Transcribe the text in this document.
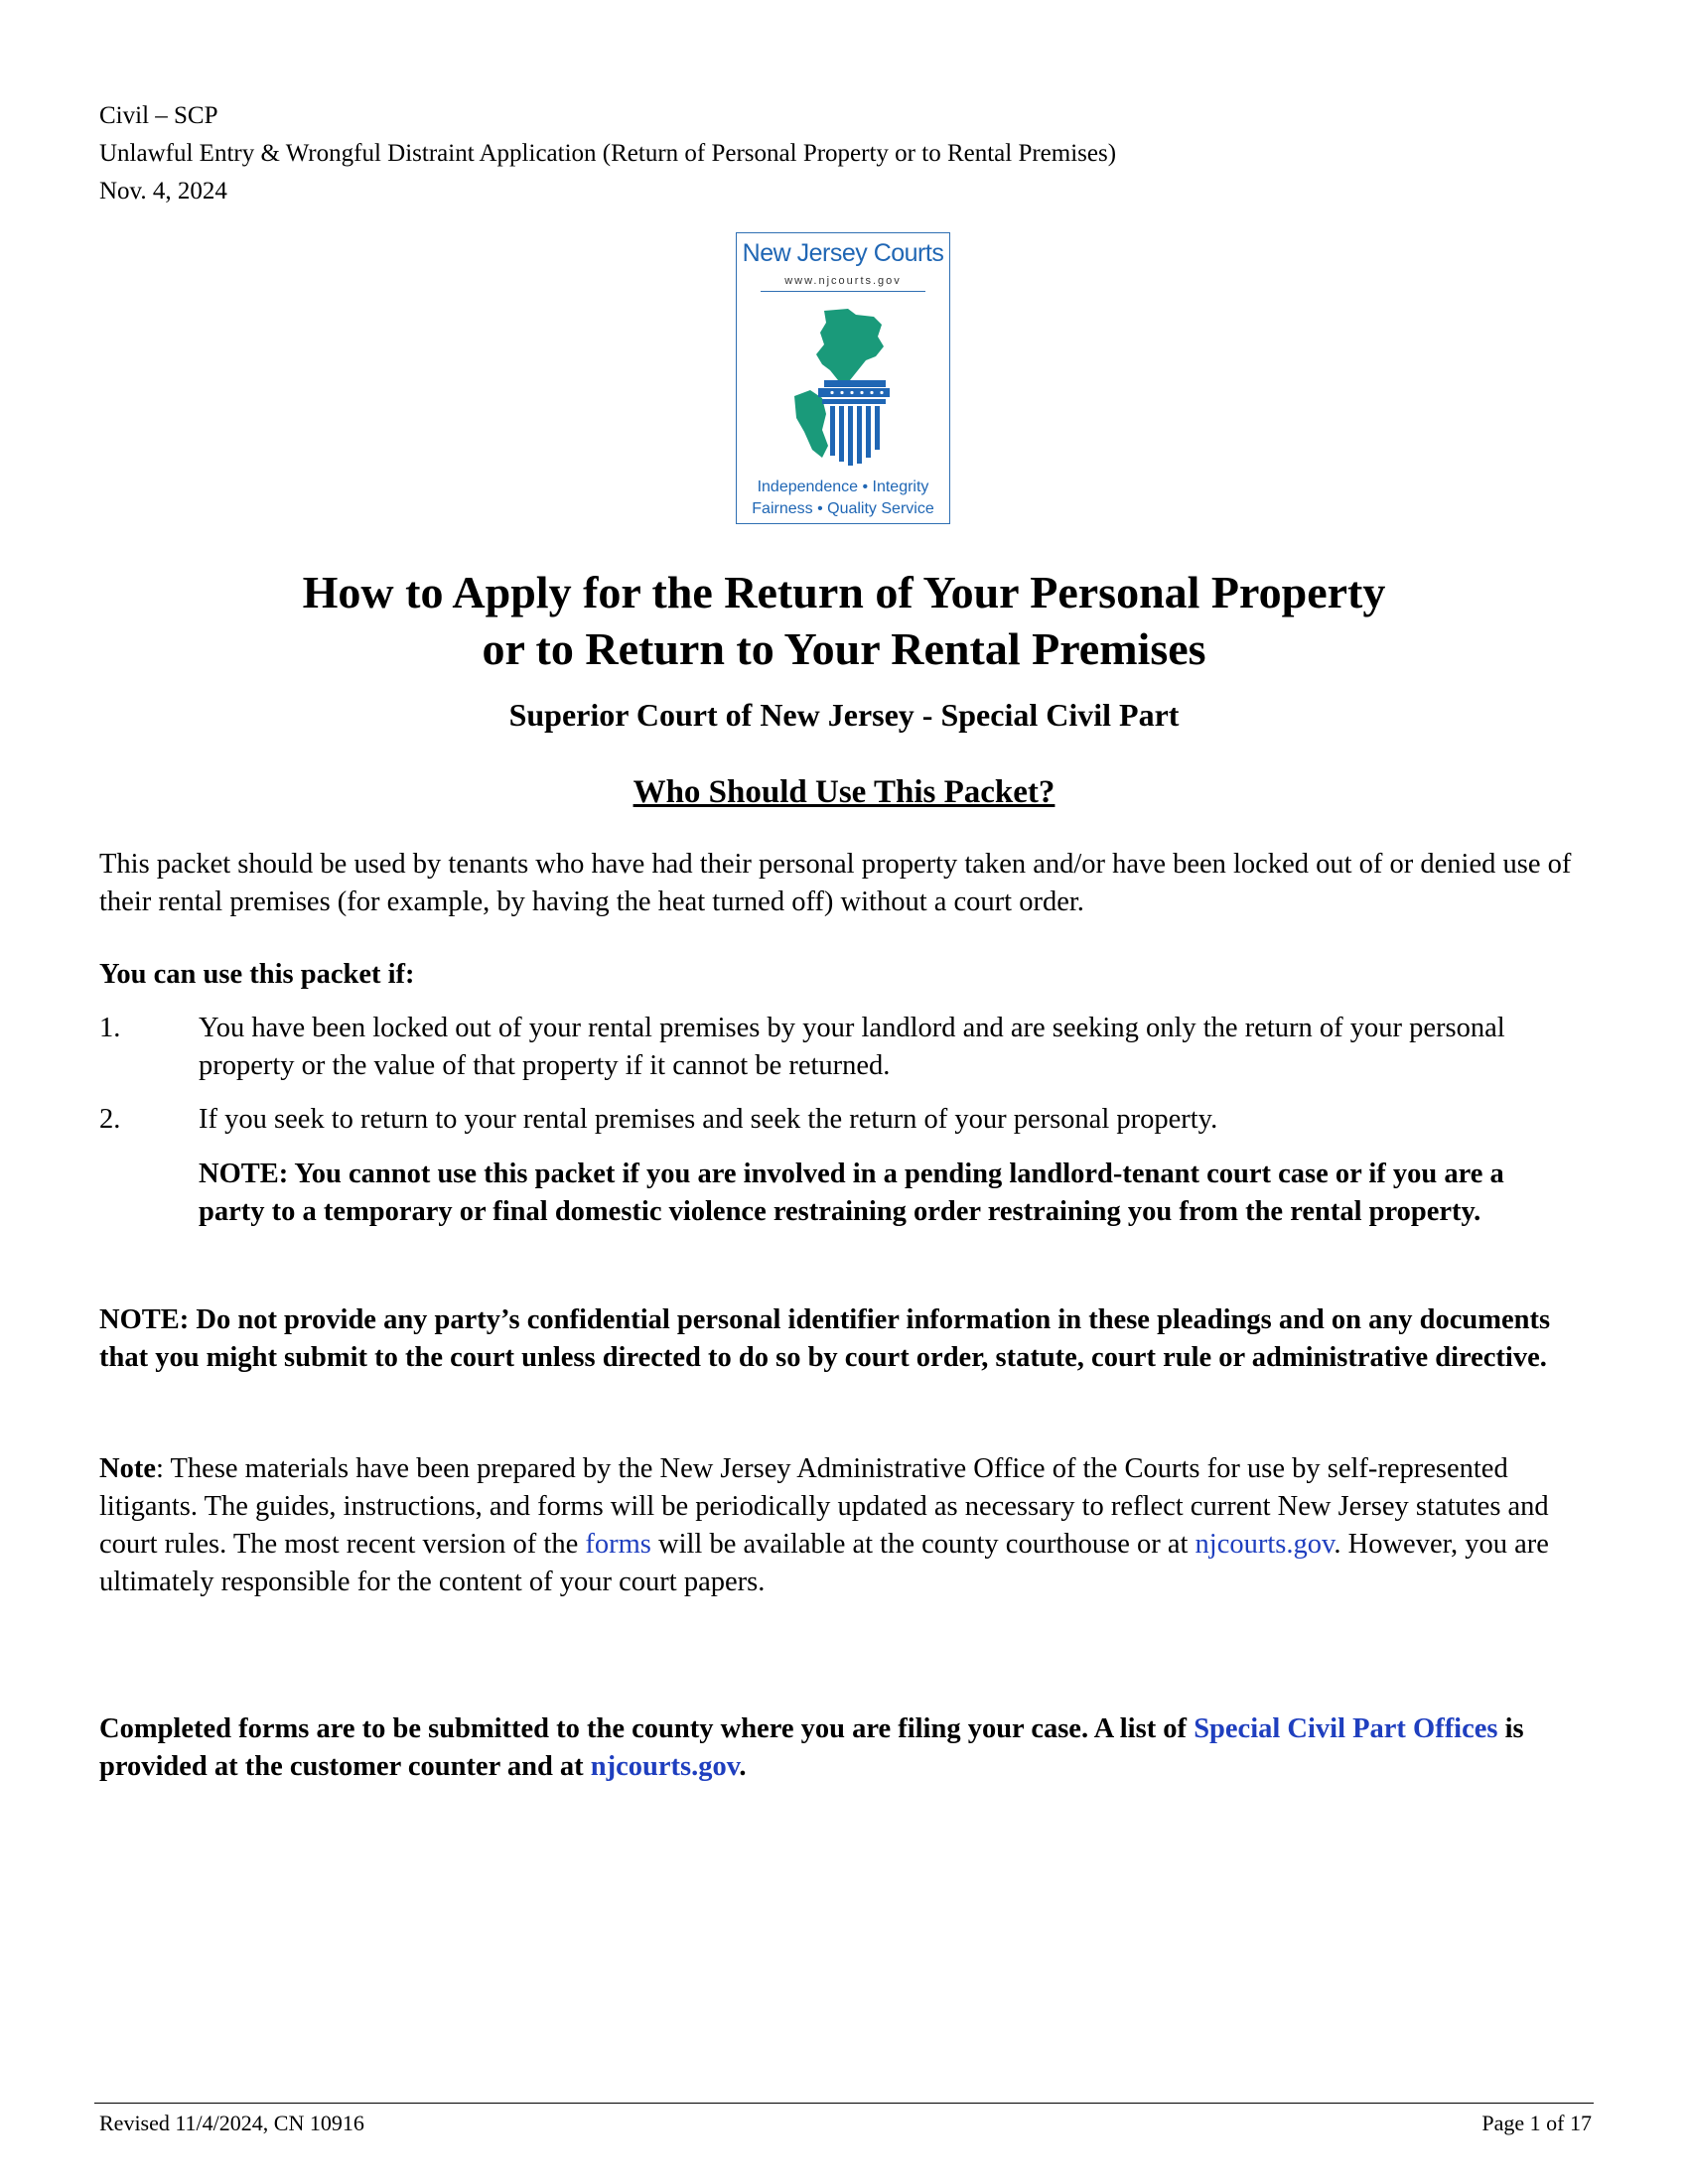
Civil – SCP
Unlawful Entry & Wrongful Distraint Application (Return of Personal Property or to Rental Premises)
Nov. 4, 2024
New Jersey Courts
www.njcourts.gov
Independence • Integrity
Fairness • Quality Service
How to Apply for the Return of Your Personal Property
or to Return to Your Rental Premises
Superior Court of New Jersey - Special Civil Part
Who Should Use This Packet?
This packet should be used by tenants who have had their personal property taken and/or have been locked out of or denied use of their rental premises (for example, by having the heat turned off) without a court order.
You can use this packet if:
1.	You have been locked out of your rental premises by your landlord and are seeking only the return of your personal property or the value of that property if it cannot be returned.
2.	If you seek to return to your rental premises and seek the return of your personal property.
NOTE: You cannot use this packet if you are involved in a pending landlord-tenant court case or if you are a party to a temporary or final domestic violence restraining order restraining you from the rental property.
NOTE: Do not provide any party’s confidential personal identifier information in these pleadings and on any documents that you might submit to the court unless directed to do so by court order, statute, court rule or administrative directive.
Note: These materials have been prepared by the New Jersey Administrative Office of the Courts for use by self-represented litigants. The guides, instructions, and forms will be periodically updated as necessary to reflect current New Jersey statutes and court rules. The most recent version of the forms will be available at the county courthouse or at njcourts.gov. However, you are ultimately responsible for the content of your court papers.
Completed forms are to be submitted to the county where you are filing your case. A list of Special Civil Part Offices is provided at the customer counter and at njcourts.gov.
Revised 11/4/2024, CN 10916	Page 1 of 17
